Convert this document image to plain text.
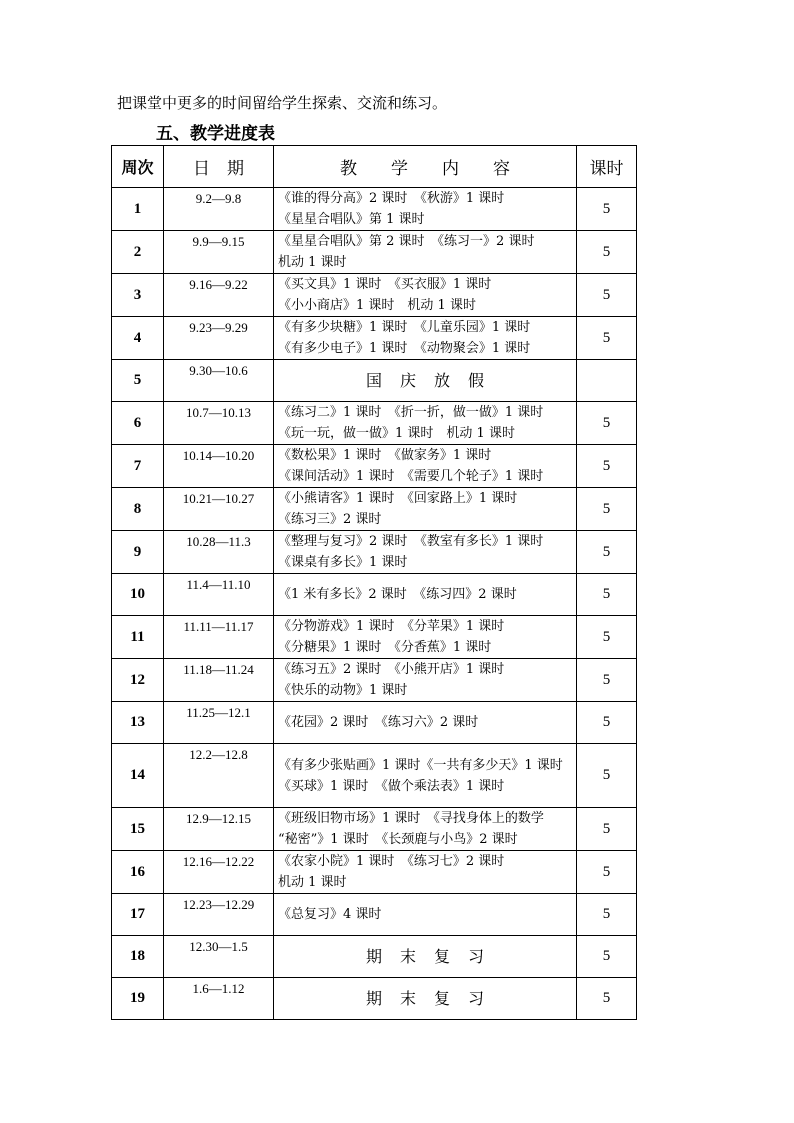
把课堂中更多的时间留给学生探索、交流和练习。
五、教学进度表
周次	日　期	教　　学　　内　　容	课时
1	9.2—9.8	《谁的得分高》2 课时　《秋游》1 课时
《星星合唱队》第 1 课时	5
2	9.9—9.15	《星星合唱队》第 2 课时　《练习一》2 课时
机动 1 课时	5
3	9.16—9.22	《买文具》1 课时　《买衣服》1 课时
《小小商店》1 课时　机动 1 课时	5
4	9.23—9.29	《有多少块糖》1 课时　《儿童乐园》1 课时
《有多少电子》1 课时　《动物聚会》1 课时	5
5	9.30—10.6	国庆放假	
6	10.7—10.13	《练习二》1 课时　《折一折，做一做》1 课时
《玩一玩，做一做》1 课时　机动 1 课时	5
7	10.14—10.20	《数松果》1 课时　《做家务》1 课时
《课间活动》1 课时　《需要几个轮子》1 课时	5
8	10.21—10.27	《小熊请客》1 课时　《回家路上》1 课时
《练习三》2 课时	5
9	10.28—11.3	《整理与复习》2 课时　《教室有多长》1 课时
《课桌有多长》1 课时	5
10	11.4—11.10	《1 米有多长》2 课时　《练习四》2 课时	5
11	11.11—11.17	《分物游戏》1 课时　《分苹果》1 课时
《分糖果》1 课时　《分香蕉》1 课时	5
12	11.18—11.24	《练习五》2 课时　《小熊开店》1 课时
《快乐的动物》1 课时	5
13	11.25—12.1	《花园》2 课时　《练习六》2 课时	5
14	12.2—12.8	《有多少张贴画》1 课时《一共有多少天》1 课时
《买球》1 课时　《做个乘法表》1 课时	5
15	12.9—12.15	《班级旧物市场》1 课时　《寻找身体上的数学
“秘密”》1 课时　《长颈鹿与小鸟》2 课时	5
16	12.16—12.22	《农家小院》1 课时　《练习七》2 课时
机动 1 课时	5
17	12.23—12.29	《总复习》4 课时	5
18	12.30—1.5	期末复习	5
19	1.6—1.12	期末复习	5
